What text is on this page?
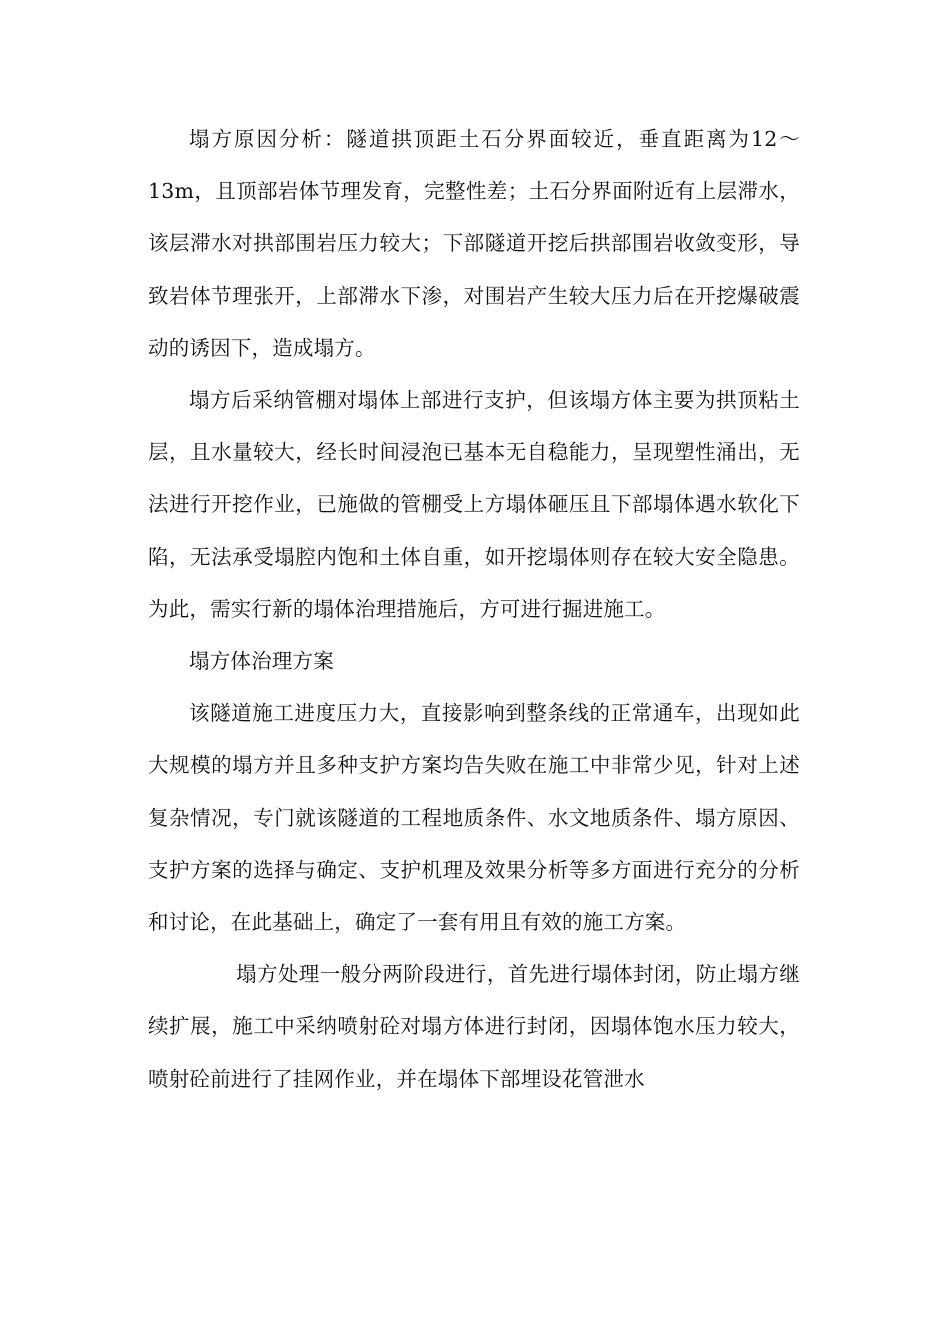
塌方原因分析：隧道拱顶距土石分界面较近，垂直距离为12～13m，且顶部岩体节理发育，完整性差；土石分界面附近有上层滞水，该层滞水对拱部围岩压力较大；下部隧道开挖后拱部围岩收敛变形，导致岩体节理张开，上部滞水下渗，对围岩产生较大压力后在开挖爆破震动的诱因下，造成塌方。

塌方后采纳管棚对塌体上部进行支护，但该塌方体主要为拱顶粘土层，且水量较大，经长时间浸泡已基本无自稳能力，呈现塑性涌出，无法进行开挖作业，已施做的管棚受上方塌体砸压且下部塌体遇水软化下陷，无法承受塌腔内饱和土体自重，如开挖塌体则存在较大安全隐患。为此，需实行新的塌体治理措施后，方可进行掘进施工。

塌方体治理方案

该隧道施工进度压力大，直接影响到整条线的正常通车，出现如此大规模的塌方并且多种支护方案均告失败在施工中非常少见，针对上述复杂情况，专门就该隧道的工程地质条件、水文地质条件、塌方原因、支护方案的选择与确定、支护机理及效果分析等多方面进行充分的分析和讨论，在此基础上，确定了一套有用且有效的施工方案。

塌方处理一般分两阶段进行，首先进行塌体封闭，防止塌方继续扩展，施工中采纳喷射砼对塌方体进行封闭，因塌体饱水压力较大，喷射砼前进行了挂网作业，并在塌体下部埋设花管泄水
